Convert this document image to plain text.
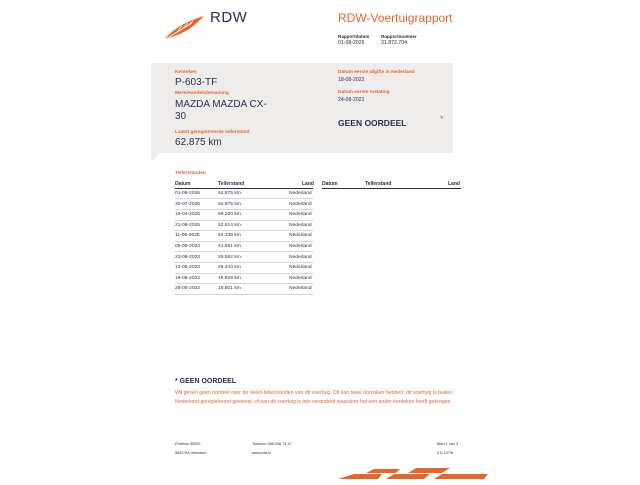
RDW	RDW-Voertuigrapport
Rapportdatum
01-08-2026
Rapportnummer
31.872.704
Kenteken
P-603-TF
Merk/Handelsbenaming
MAZDA MAZDA CX-
30
Laatst geregistreerde tellerstand
62.875 km
Datum eerste afgifte in Nederland
18-08-2022
Datum eerste toelating
24-08-2021
GEEN OORDEEL	*
Tellerstanden
Datum	Tellerstand	Land Datum	Tellerstand	Land
01-08-2026	62.875 km	Nederland
30-07-2026	62.875 km	Nederland
15-04-2026	59.260 km	Nederland
21-08-2025	52.514 km	Nederland
11-08-2025	52.339 km	Nederland
05-09-2024	41.651 km	Nederland
23-08-2023	29.592 km	Nederland
13-06-2023	26.244 km	Nederland
18-08-2022	16.829 km	Nederland
28-05-2022	16.601 km	Nederland
* GEEN OORDEEL
Wij geven geen oordeel over de reeks tellerstanden van dit voertuig. Dit kan twee oorzaken hebben: dit voertuig is buiten Nederland geregistreerd geweest, of aan dit voertuig is iets veranderd waardoor het een ander kenteken heeft gekregen.
Postbus 30000
9640 RA Veendam
Telefoon 088 008 74 47
www.rdw.nl
Blad 1 van 3
3 E 1079I
